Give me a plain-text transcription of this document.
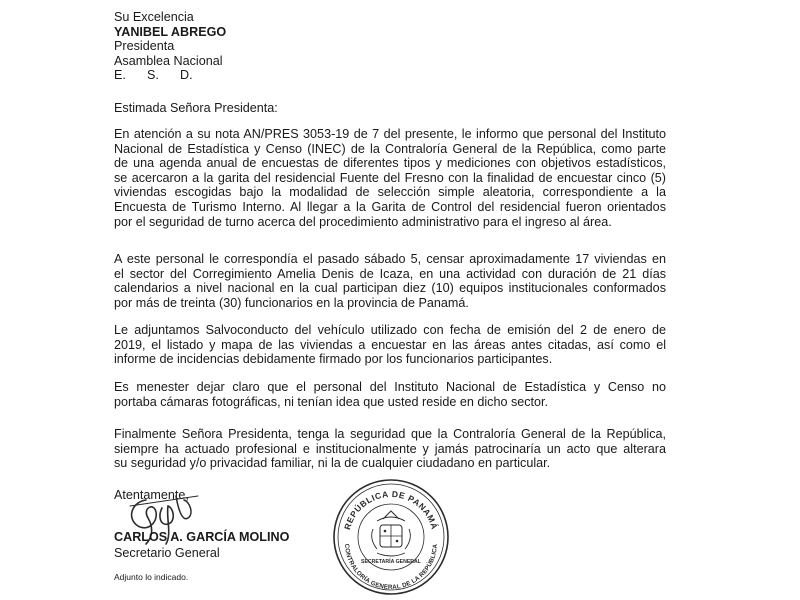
Su Excelencia
YANIBEL ABREGO
Presidenta
Asamblea Nacional
E. S. D.
Estimada Señora Presidenta:
En atención a su nota AN/PRES 3053-19 de 7 del presente, le informo que personal del Instituto
Nacional de Estadística y Censo (INEC) de la Contraloría General de la República, como parte
de una agenda anual de encuestas de diferentes tipos y mediciones con objetivos estadísticos,
se acercaron a la garita del residencial Fuente del Fresno con la finalidad de encuestar cinco (5)
viviendas escogidas bajo la modalidad de selección simple aleatoria, correspondiente a la
Encuesta de Turismo Interno. Al llegar a la Garita de Control del residencial fueron orientados
por el seguridad de turno acerca del procedimiento administrativo para el ingreso al área.
A este personal le correspondía el pasado sábado 5, censar aproximadamente 17 viviendas en
el sector del Corregimiento Amelia Denis de Icaza, en una actividad con duración de 21 días
calendarios a nivel nacional en la cual participan diez (10) equipos institucionales conformados
por más de treinta (30) funcionarios en la provincia de Panamá.
Le adjuntamos Salvoconducto del vehículo utilizado con fecha de emisión del 2 de enero de
2019, el listado y mapa de las viviendas a encuestar en las áreas antes citadas, así como el
informe de incidencias debidamente firmado por los funcionarios participantes.
Es menester dejar claro que el personal del Instituto Nacional de Estadística y Censo no
portaba cámaras fotográficas, ni tenían idea que usted reside en dicho sector.
Finalmente Señora Presidenta, tenga la seguridad que la Contraloría General de la República,
siempre ha actuado profesional e institucionalmente y jamás patrocinaría un acto que alterara
su seguridad y/o privacidad familiar, ni la de cualquier ciudadano en particular.
Atentamente,
CARLOS A. GARCÍA MOLINO
Secretario General
Adjunto lo indicado.
REPÚBLICA DE PANAMÁ
CONTRALORÍA GENERAL DE LA REPÚBLICA
SECRETARÍA GENERAL
